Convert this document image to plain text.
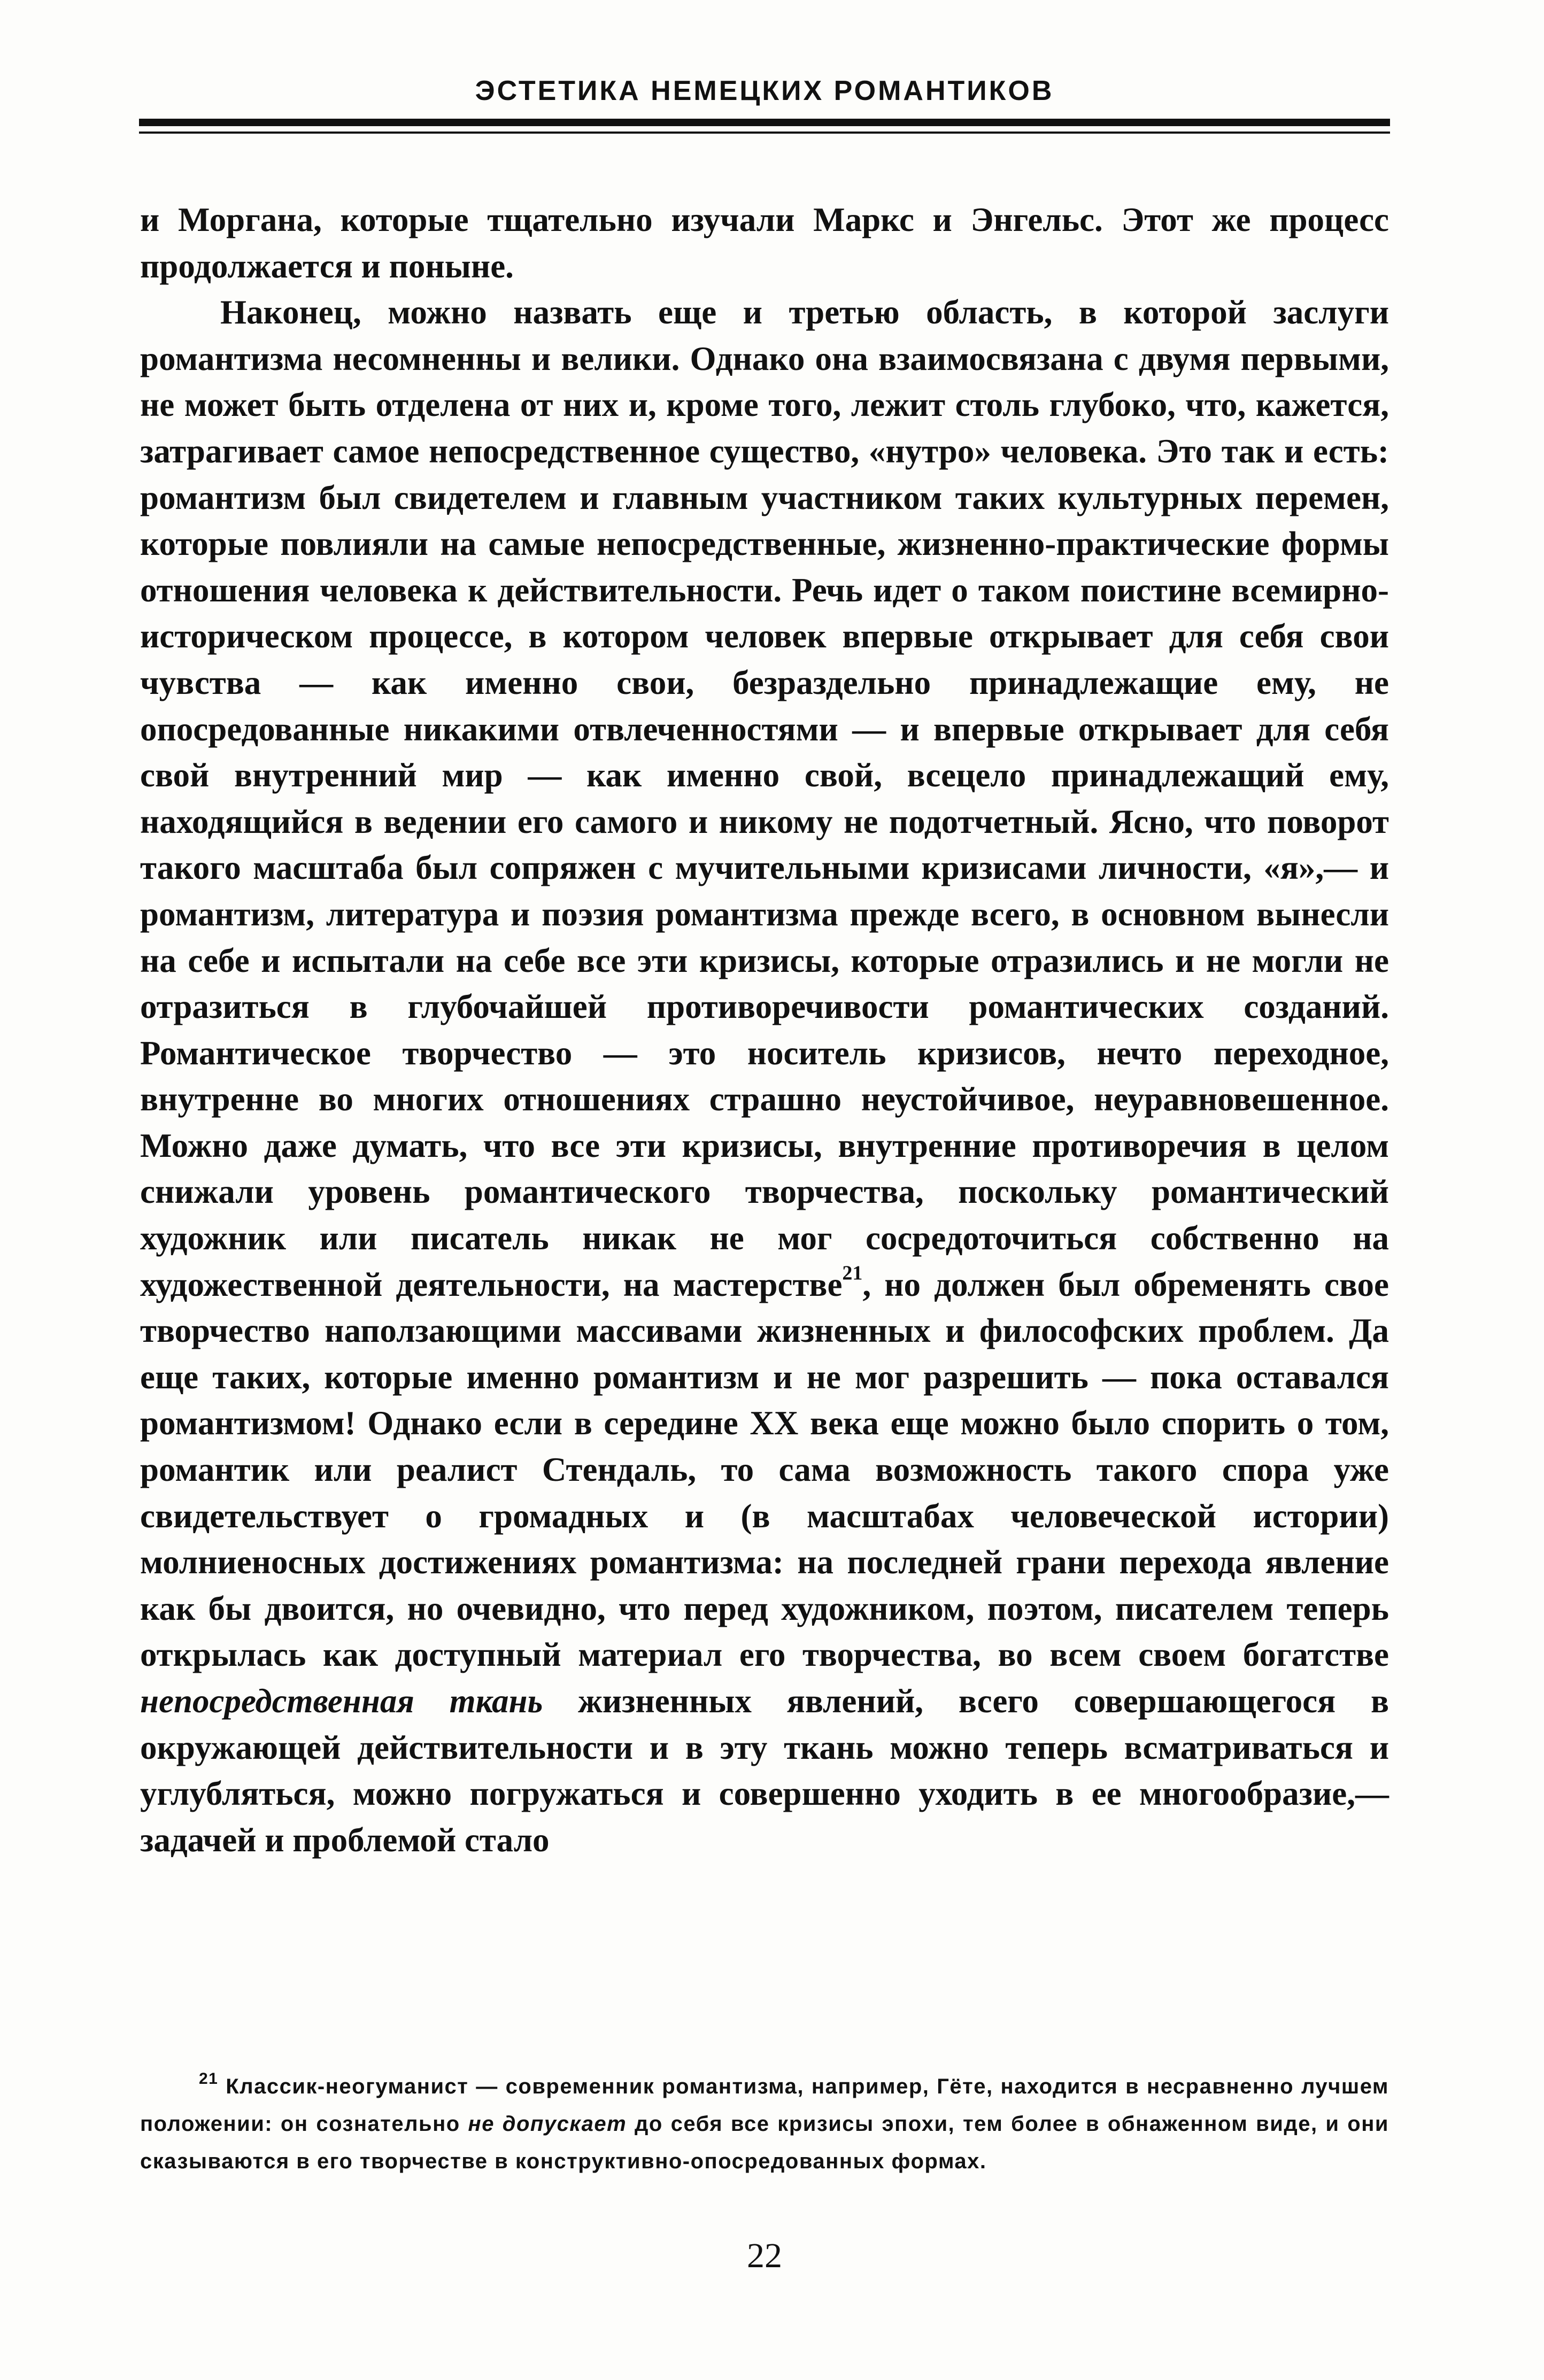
ЭСТЕТИКА НЕМЕЦКИХ РОМАНТИКОВ

и Моргана, которые тщательно изучали Маркс и Энгельс. Этот же процесс продолжается и поныне.

Наконец, можно назвать еще и третью область, в которой заслуги романтизма несомненны и велики. Однако она взаимосвязана с двумя первыми, не может быть отделена от них и, кроме того, лежит столь глубоко, что, кажется, затрагивает самое непосредственное существо, «нутро» человека. Это так и есть: романтизм был свидетелем и главным участником таких культурных перемен, которые повлияли на самые непосредственные, жизненно-практические формы отношения человека к действительности. Речь идет о таком поистине всемирно-историческом процессе, в котором человек впервые открывает для себя свои чувства — как именно свои, безраздельно принадлежащие ему, не опосредованные никакими отвлеченностями — и впервые открывает для себя свой внутренний мир — как именно свой, всецело принадлежащий ему, находящийся в ведении его самого и никому не подотчетный. Ясно, что поворот такого масштаба был сопряжен с мучительными кризисами личности, «я»,— и романтизм, литература и поэзия романтизма прежде всего, в основном вынесли на себе и испытали на себе все эти кризисы, которые отразились и не могли не отразиться в глубочайшей противоречивости романтических созданий. Романтическое творчество — это носитель кризисов, нечто переходное, внутренне во многих отношениях страшно неустойчивое, неуравновешенное. Можно даже думать, что все эти кризисы, внутренние противоречия в целом снижали уровень романтического творчества, поскольку романтический художник или писатель никак не мог сосредоточиться собственно на художественной деятельности, на мастерстве$^{21}$, но должен был обременять свое творчество наползающими массивами жизненных и философских проблем. Да еще таких, которые именно романтизм и не мог разрешить — пока оставался романтизмом! Однако если в середине XX века еще можно было спорить о том, романтик или реалист Стендаль, то сама возможность такого спора уже свидетельствует о громадных и (в масштабах человеческой истории) молниеносных достижениях романтизма: на последней грани перехода явление как бы двоится, но очевидно, что перед художником, поэтом, писателем теперь открылась как доступный материал его творчества, во всем своем богатстве непосредственная ткань жизненных явлений, всего совершающегося в окружающей действительности и в эту ткань можно теперь всматриваться и углубляться, можно погружаться и совершенно уходить в ее многообразие,— задачей и проблемой стало

$^{21}$ Классик-неогуманист — современник романтизма, например, Гёте, находится в несравненно лучшем положении: он сознательно не допускает до себя все кризисы эпохи, тем более в обнаженном виде, и они сказываются в его творчестве в конструктивно-опосредованных формах.
22
